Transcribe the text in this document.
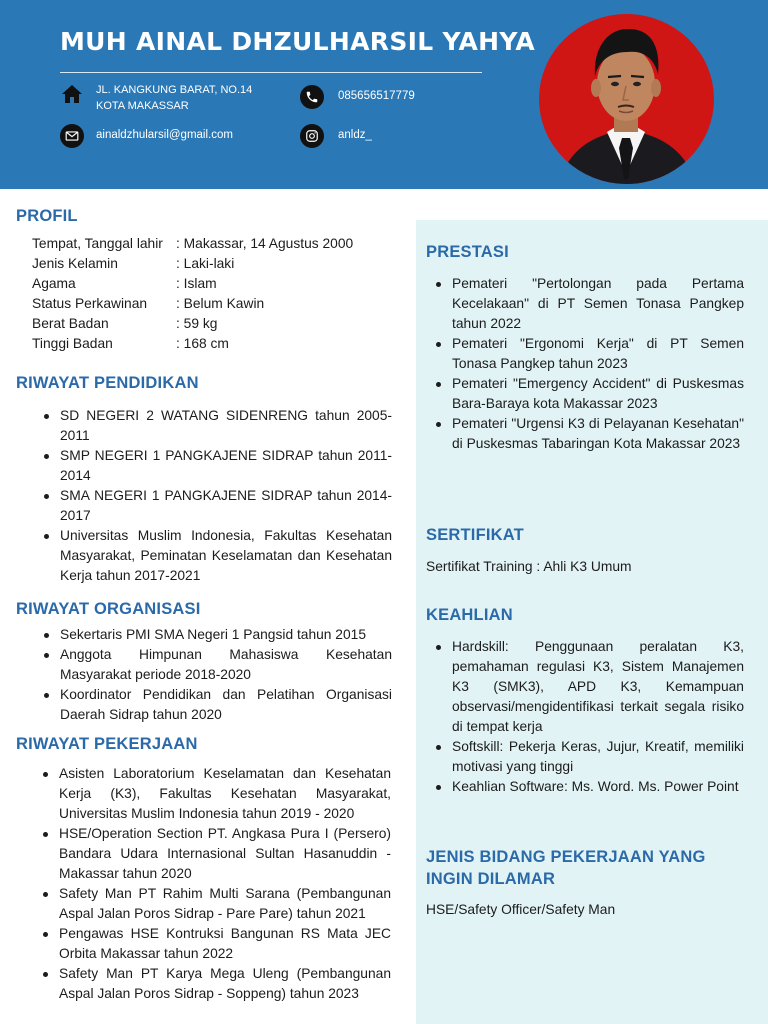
MUH AINAL DHZULHARSIL YAHYA
JL. KANGKUNG BARAT, NO.14
KOTA MAKASSAR
085656517779
ainaldzhularsil@gmail.com	anldz_
PROFIL
Tempat, Tanggal lahir : Makassar, 14 Agustus 2000
Jenis Kelamin	: Laki-laki
Agama	: Islam
Status Perkawinan	: Belum Kawin
Berat Badan	: 59 kg
Tinggi Badan	: 168 cm
RIWAYAT PENDIDIKAN
SD NEGERI 2 WATANG SIDENRENG tahun 2005-2011
SMP NEGERI 1 PANGKAJENE SIDRAP tahun 2011-2014
SMA NEGERI 1 PANGKAJENE SIDRAP tahun 2014-2017
Universitas Muslim Indonesia, Fakultas Kesehatan Masyarakat, Peminatan Keselamatan dan Kesehatan Kerja tahun 2017-2021
RIWAYAT ORGANISASI
Sekertaris PMI SMA Negeri 1 Pangsid tahun 2015
Anggota Himpunan Mahasiswa Kesehatan Masyarakat periode 2018-2020
Koordinator Pendidikan dan Pelatihan Organisasi Daerah Sidrap tahun 2020
RIWAYAT PEKERJAAN
Asisten Laboratorium Keselamatan dan Kesehatan Kerja (K3), Fakultas Kesehatan Masyarakat, Universitas Muslim Indonesia tahun 2019 - 2020
HSE/Operation Section PT. Angkasa Pura I (Persero) Bandara Udara Internasional Sultan Hasanuddin - Makassar tahun 2020
Safety Man PT Rahim Multi Sarana (Pembangunan Aspal Jalan Poros Sidrap - Pare Pare) tahun 2021
Pengawas HSE Kontruksi Bangunan RS Mata JEC Orbita Makassar tahun 2022
Safety Man PT Karya Mega Uleng (Pembangunan Aspal Jalan Poros Sidrap - Soppeng) tahun 2023
PRESTASI
Pemateri "Pertolongan pada Pertama Kecelakaan" di PT Semen Tonasa Pangkep tahun 2022
Pemateri "Ergonomi Kerja" di PT Semen Tonasa Pangkep tahun 2023
Pemateri "Emergency Accident" di Puskesmas Bara-Baraya kota Makassar 2023
Pemateri "Urgensi K3 di Pelayanan Kesehatan" di Puskesmas Tabaringan Kota Makassar 2023
SERTIFIKAT
Sertifikat Training : Ahli K3 Umum
KEAHLIAN
Hardskill: Penggunaan peralatan K3, pemahaman regulasi K3, Sistem Manajemen K3 (SMK3), APD K3, Kemampuan observasi/mengidentifikasi terkait segala risiko di tempat kerja
Softskill: Pekerja Keras, Jujur, Kreatif, memiliki motivasi yang tinggi
Keahlian Software: Ms. Word. Ms. Power Point
JENIS BIDANG PEKERJAAN YANG
INGIN DILAMAR
HSE/Safety Officer/Safety Man
